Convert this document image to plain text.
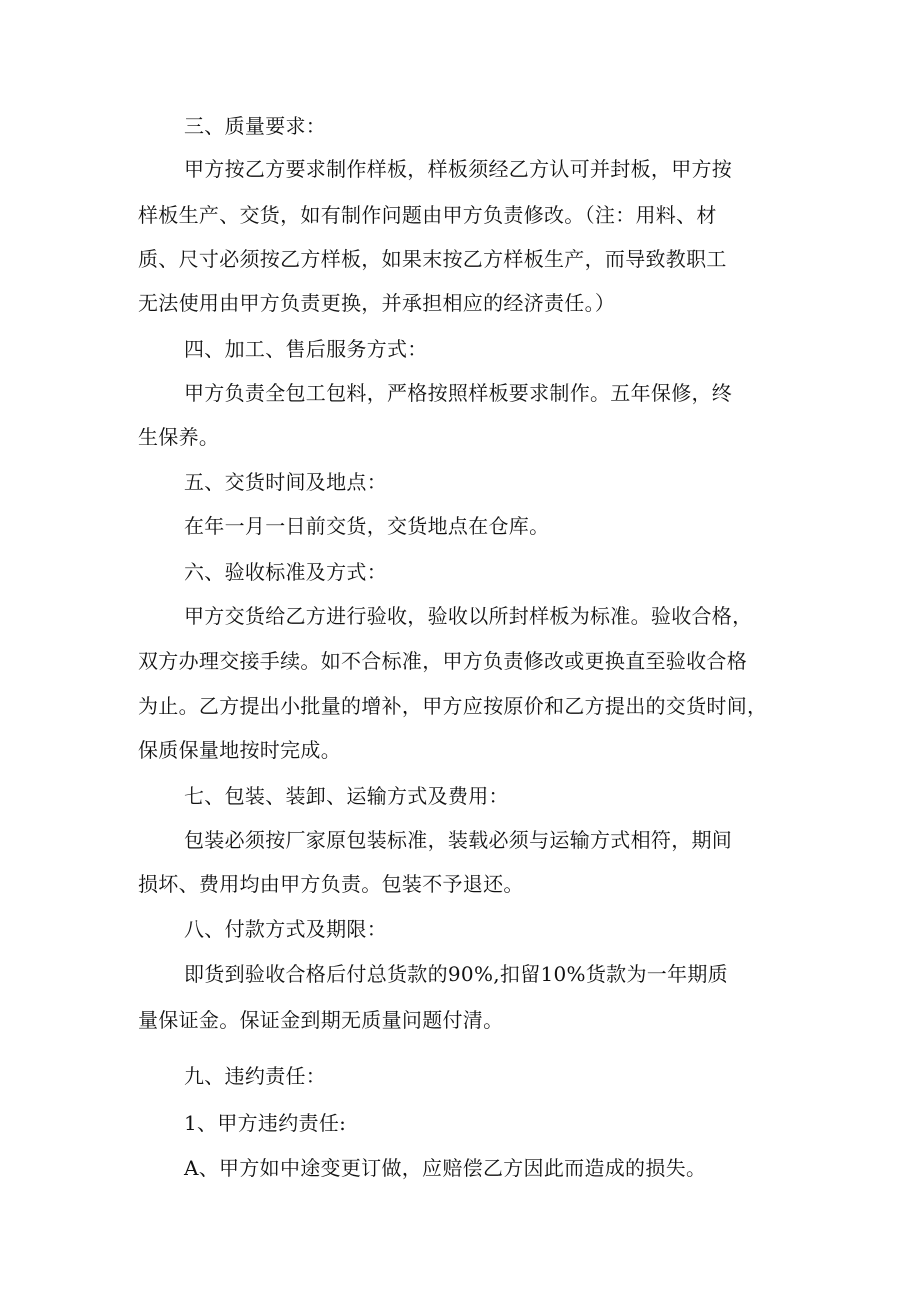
三、质量要求：
甲方按乙方要求制作样板，样板须经乙方认可并封板，甲方按
样板生产、交货，如有制作问题由甲方负责修改。（注：用料、材
质、尺寸必须按乙方样板，如果末按乙方样板生产，而导致教职工
无法使用由甲方负责更换，并承担相应的经济责任。）
四、加工、售后服务方式：
甲方负责全包工包料，严格按照样板要求制作。五年保修，终
生保养。
五、交货时间及地点：
在年一月一日前交货，交货地点在仓库。
六、验收标准及方式：
甲方交货给乙方进行验收，验收以所封样板为标准。验收合格，
双方办理交接手续。如不合标准，甲方负责修改或更换直至验收合格
为止。乙方提出小批量的增补，甲方应按原价和乙方提出的交货时间，
保质保量地按时完成。
七、包装、装卸、运输方式及费用：
包装必须按厂家原包装标准，装载必须与运输方式相符，期间
损坏、费用均由甲方负责。包装不予退还。
八、付款方式及期限：
即货到验收合格后付总货款的90%,扣留10%货款为一年期质
量保证金。保证金到期无质量问题付清。
九、违约责任：
1、甲方违约责任:
A、甲方如中途变更订做，应赔偿乙方因此而造成的损失。
